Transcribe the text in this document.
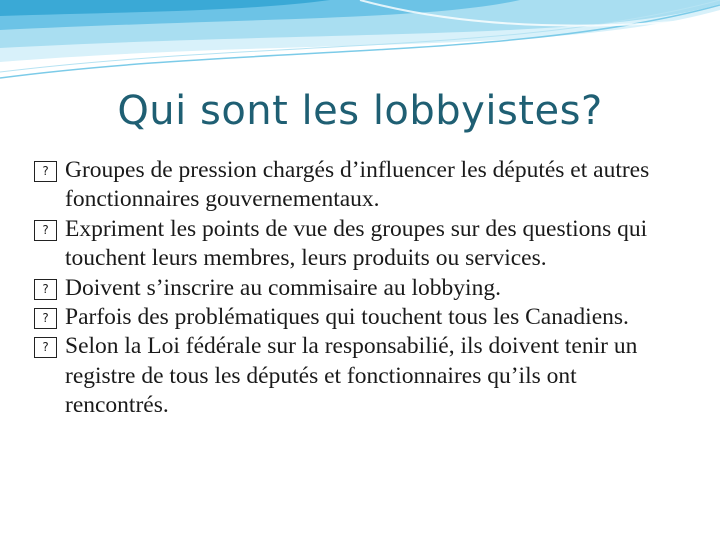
Qui sont les lobbyistes?
? Groupes de pression chargés d’influencer les députés et autres fonctionnaires gouvernementaux.
? Expriment les points de vue des groupes sur des questions qui touchent leurs membres, leurs produits ou services.
? Doivent s’inscrire au commisaire au lobbying.
? Parfois des problématiques qui touchent tous les Canadiens.
? Selon la Loi fédérale sur la responsabilié, ils doivent tenir un registre de tous les députés et fonctionnaires qu’ils ont rencontrés.
